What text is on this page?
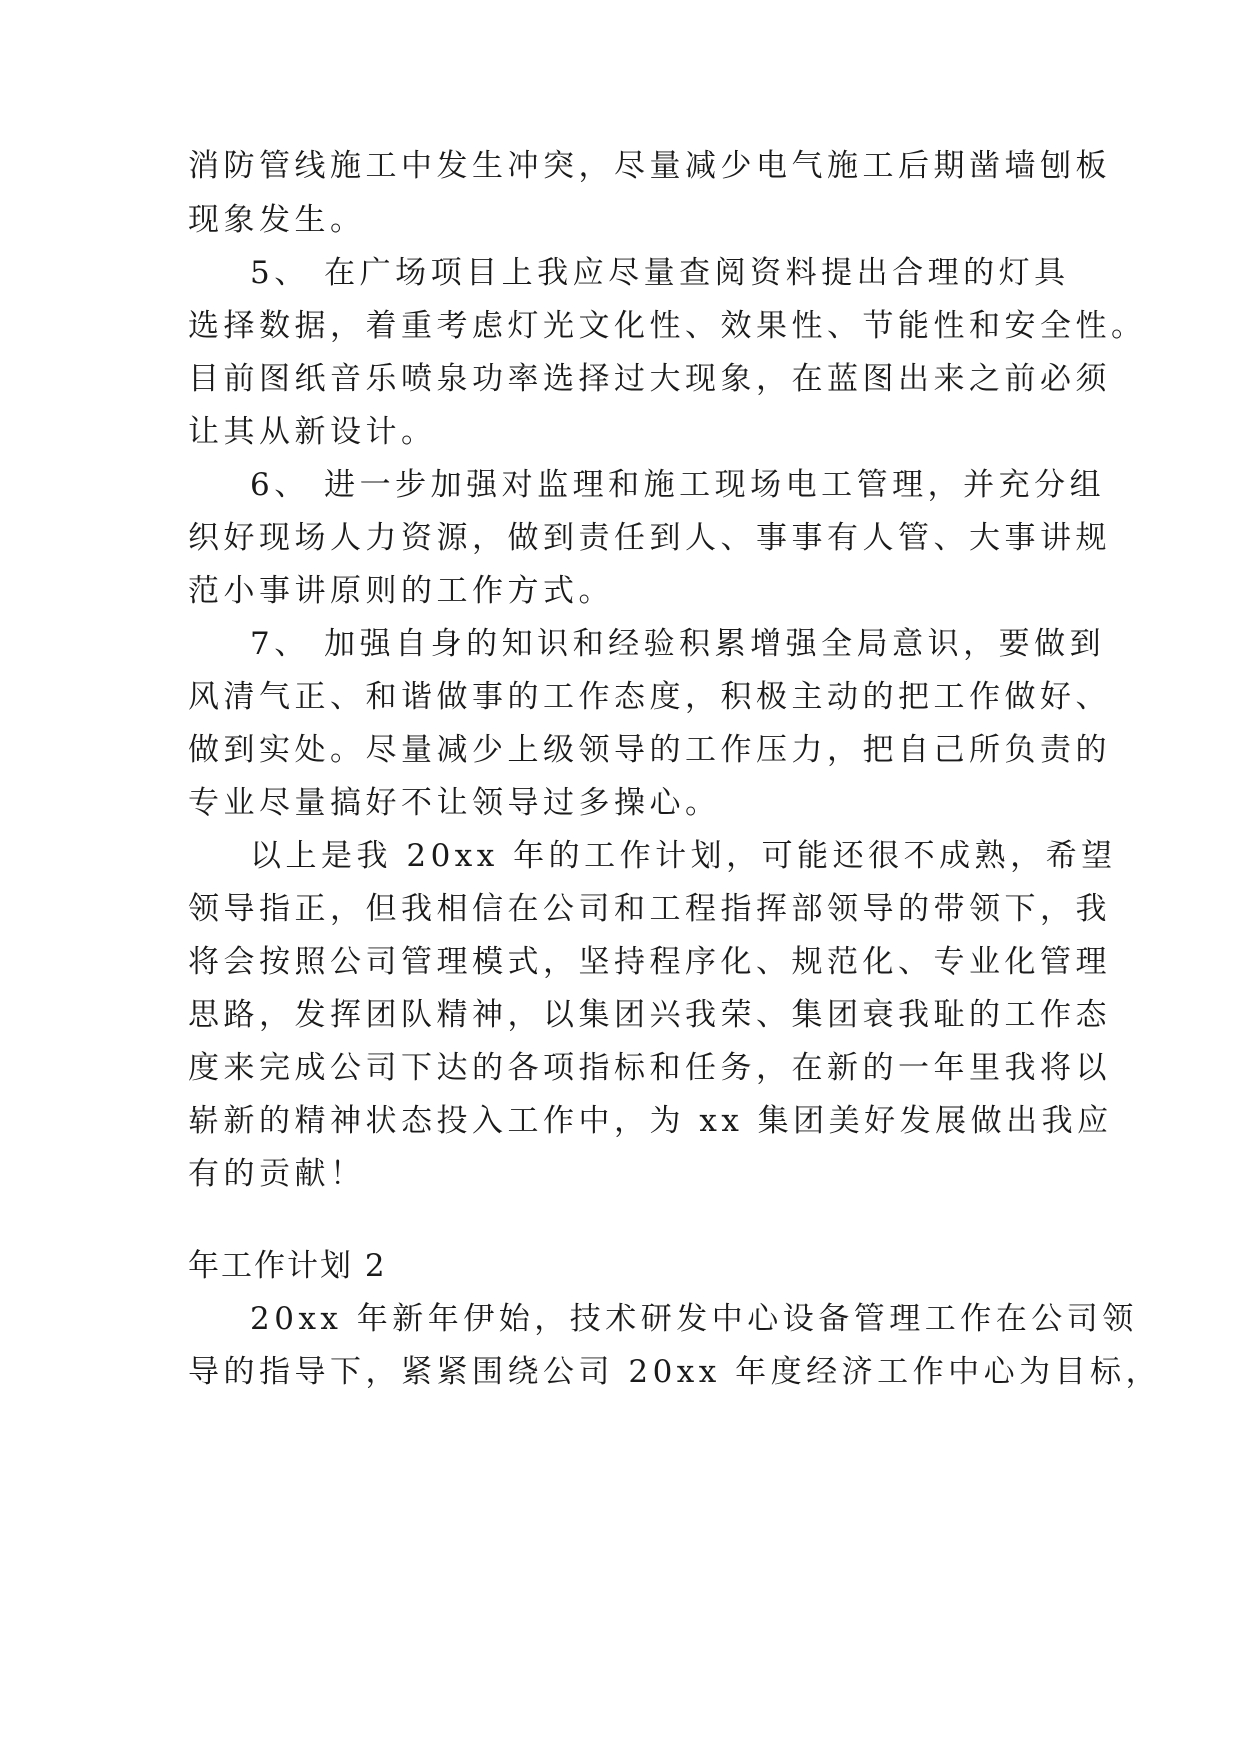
消防管线施工中发生冲突，尽量减少电气施工后期凿墙刨板
现象发生。
5、 在广场项目上我应尽量查阅资料提出合理的灯具
选择数据，着重考虑灯光文化性、效果性、节能性和安全性。
目前图纸音乐喷泉功率选择过大现象，在蓝图出来之前必须
让其从新设计。
6、 进一步加强对监理和施工现场电工管理，并充分组
织好现场人力资源，做到责任到人、事事有人管、大事讲规
范小事讲原则的工作方式。
7、 加强自身的知识和经验积累增强全局意识，要做到
风清气正、和谐做事的工作态度，积极主动的把工作做好、
做到实处。尽量减少上级领导的工作压力，把自己所负责的
专业尽量搞好不让领导过多操心。
以上是我 20xx 年的工作计划，可能还很不成熟，希望
领导指正，但我相信在公司和工程指挥部领导的带领下，我
将会按照公司管理模式，坚持程序化、规范化、专业化管理
思路，发挥团队精神，以集团兴我荣、集团衰我耻的工作态
度来完成公司下达的各项指标和任务，在新的一年里我将以
崭新的精神状态投入工作中，为 xx 集团美好发展做出我应
有的贡献！
年工作计划 2
20xx 年新年伊始，技术研发中心设备管理工作在公司领
导的指导下，紧紧围绕公司 20xx 年度经济工作中心为目标，
